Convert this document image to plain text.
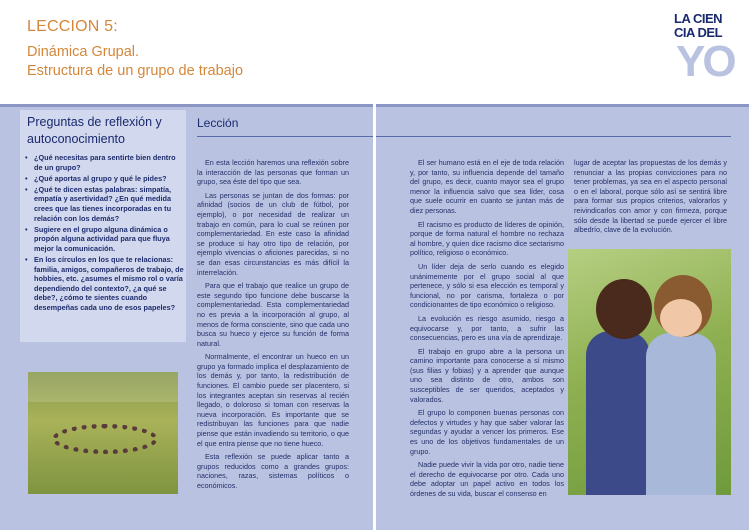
LECCION 5:
Dinámica Grupal.
Estructura de un grupo de trabajo
Preguntas de reflexión y autoconocimiento
• ¿Qué necesitas para sentirte bien dentro de un grupo?
• ¿Qué aportas al grupo y qué le pides?
• ¿Qué te dicen estas palabras: simpatía, empatía y asertividad? ¿En qué medida crees que las tienes incorporadas en tu relación con los demás?
• Sugiere en el grupo alguna dinámica o propón alguna actividad para que fluya mejor la comunicación.
• En los círculos en los que te relacionas: familia, amigos, compañeros de trabajo, de hobbies, etc. ¿asumes el mismo rol o varía dependiendo del contexto?, ¿a qué se debe?, ¿cómo te sientes cuando desempeñas cada uno de esos papeles?
Lección

En esta lección haremos una reflexión sobre la interacción de las personas que forman un grupo, sea éste del tipo que sea.

Las personas se juntan de dos formas: por afinidad (socios de un club de fútbol, por ejemplo), o por necesidad de realizar un trabajo en común, para lo cual se reúnen por complementariedad. En este caso la afinidad se produce si hay otro tipo de relación, por ejemplo vivencias o aficiones parecidas, si no se dan esas circunstancias es más difícil la interrelación.

Para que el trabajo que realice un grupo de este segundo tipo funcione debe buscarse la complementariedad. Esta complementariedad no es previa a la incorporación al grupo, al menos de forma consciente, sino que cada uno busca su hueco y ejerce su función de forma natural.

Normalmente, el encontrar un hueco en un grupo ya formado implica el desplazamiento de los demás y, por tanto, la redistribución de funciones. El cambio puede ser placentero, si los integrantes aceptan sin reservas al recién llegado, o doloroso si toman con reservas la nueva incorporación. Es importante que se redistribuyan las funciones para que nadie piense que están invadiendo su territorio, o que el que entra piense que no tiene hueco.

Esta reflexión se puede aplicar tanto a grupos reducidos como a grandes grupos: naciones, razas, sistemas políticos o económicos.

LA CIEN
CIA DEL
YO

El ser humano está en el eje de toda relación y, por tanto, su influencia depende del tamaño del grupo, es decir, cuanto mayor sea el grupo menor la influencia salvo que sea líder, cosa que suele ocurrir en cuanto se juntan más de diez personas.

El racismo es producto de líderes de opinión, porque de forma natural el hombre no rechaza al hombre, y quien dice racismo dice sectarismo político, religioso o económico.

Un líder deja de serlo cuando es elegido unánimemente por el grupo social al que pertenece, y sólo si esa elección es temporal y funcional, no por carisma, fortaleza o por condicionantes de tipo económico o religioso.

La evolución es riesgo asumido, riesgo a equivocarse y, por tanto, a sufrir las consecuencias, pero es una vía de aprendizaje.

El trabajo en grupo abre a la persona un camino importante para conocerse a sí mismo (sus filias y fobias) y a aprender que aunque uno sea distinto de otro, ambos son susceptibles de ser queridos, aceptados y valorados.

El grupo lo componen buenas personas con defectos y virtudes y hay que saber valorar las segundas y ayudar a vencer los primeros. Ese es uno de los objetivos fundamentales de un grupo.

Nadie puede vivir la vida por otro, nadie tiene el derecho de equivocarse por otro. Cada uno debe adoptar un papel activo en todos los órdenes de su vida, buscar el consenso en

lugar de aceptar las propuestas de los demás y renunciar a las propias convicciones para no tener problemas, ya sea en el aspecto personal o en el laboral, porque sólo así se sentirá libre para formar sus propios criterios, valorarlos y reivindicarlos con amor y con firmeza, porque sólo desde la libertad se puede ejercer el libre albedrío, clave de la evolución.
